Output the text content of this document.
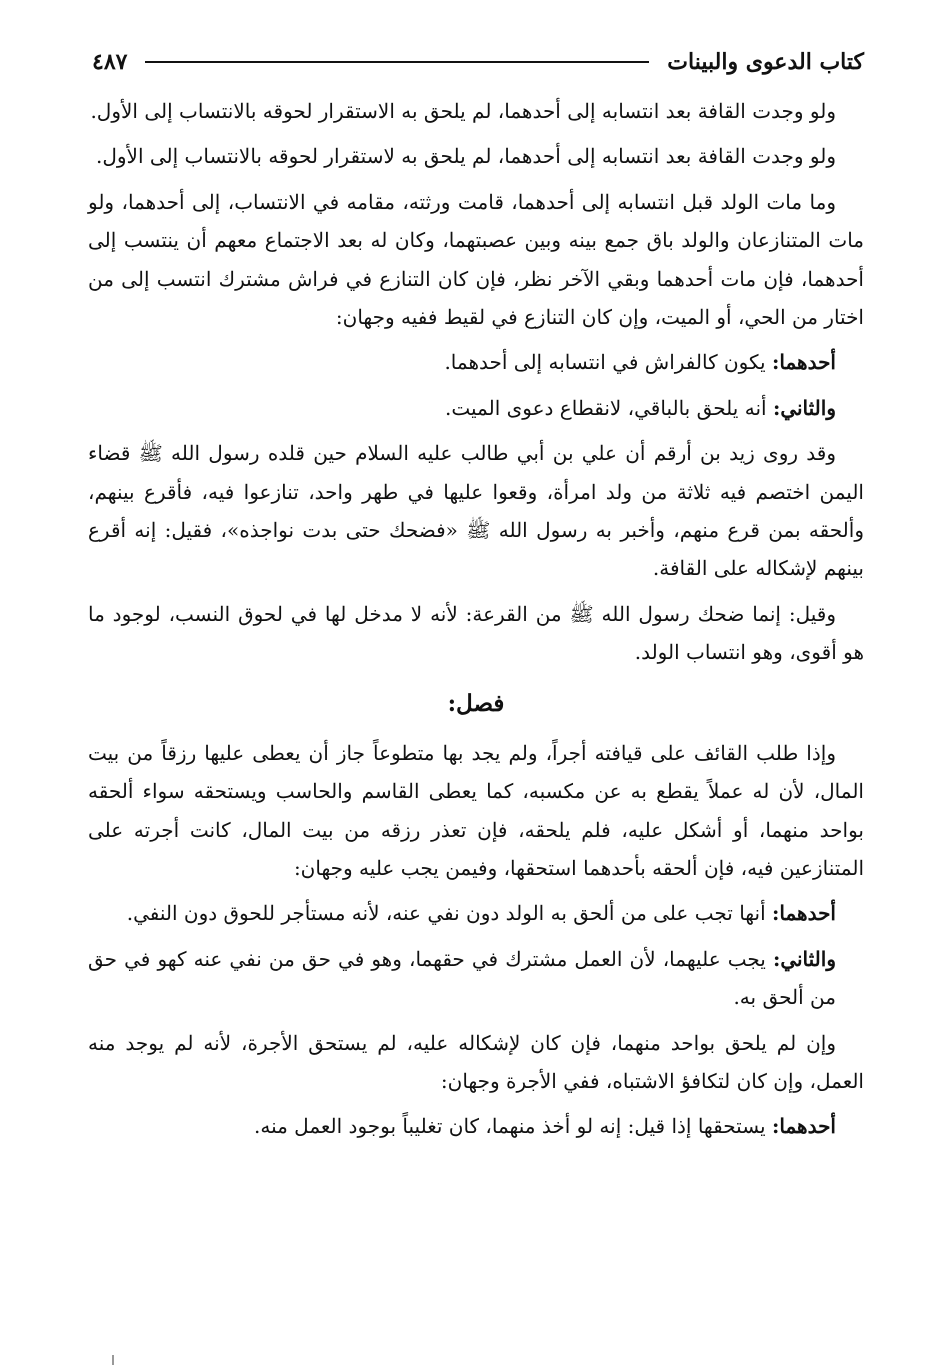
كتاب الدعوى والبينات
٤٨٧

ولو وجدت القافة بعد انتسابه إلى أحدهما، لم يلحق به الاستقرار لحوقه بالانتساب إلى الأول.

ولو وجدت القافة بعد انتسابه إلى أحدهما، لم يلحق به لاستقرار لحوقه بالانتساب إلى الأول.

وما مات الولد قبل انتسابه إلى أحدهما، قامت ورثته، مقامه في الانتساب، إلى أحدهما، ولو مات المتنازعان والولد باق جمع بينه وبين عصبتهما، وكان له بعد الاجتماع معهم أن ينتسب إلى أحدهما، فإن مات أحدهما وبقي الآخر نظر، فإن كان التنازع في فراش مشترك انتسب إلى من اختار من الحي، أو الميت، وإن كان التنازع في لقيط ففيه وجهان:

أحدهما: يكون كالفراش في انتسابه إلى أحدهما.

والثاني: أنه يلحق بالباقي، لانقطاع دعوى الميت.

وقد روى زيد بن أرقم أن علي بن أبي طالب عليه السلام حين قلده رسول الله ﷺ قضاء اليمن اختصم فيه ثلاثة من ولد امرأة، وقعوا عليها في طهر واحد، تنازعوا فيه، فأقرع بينهم، وألحقه بمن قرع منهم، وأخبر به رسول الله ﷺ «فضحك حتى بدت نواجذه»، فقيل: إنه أقرع بينهم لإشكاله على القافة.

وقيل: إنما ضحك رسول الله ﷺ من القرعة: لأنه لا مدخل لها في لحوق النسب، لوجود ما هو أقوى، وهو انتساب الولد.

فصل:

وإذا طلب القائف على قيافته أجراً، ولم يجد بها متطوعاً جاز أن يعطى عليها رزقاً من بيت المال، لأن له عملاً يقطع به عن مكسبه، كما يعطى القاسم والحاسب ويستحقه سواء ألحقه بواحد منهما، أو أشكل عليه، فلم يلحقه، فإن تعذر رزقه من بيت المال، كانت أجرته على المتنازعين فيه، فإن ألحقه بأحدهما استحقها، وفيمن يجب عليه وجهان:

أحدهما: أنها تجب على من ألحق به الولد دون نفي عنه، لأنه مستأجر للحوق دون النفي.

والثاني: يجب عليهما، لأن العمل مشترك في حقهما، وهو في حق من نفي عنه كهو في حق من ألحق به.

وإن لم يلحق بواحد منهما، فإن كان لإشكاله عليه، لم يستحق الأجرة، لأنه لم يوجد منه العمل، وإن كان لتكافؤ الاشتباه، ففي الأجرة وجهان:

أحدهما: يستحقها إذا قيل: إنه لو أخذ منهما، كان تغليباً بوجود العمل منه.
